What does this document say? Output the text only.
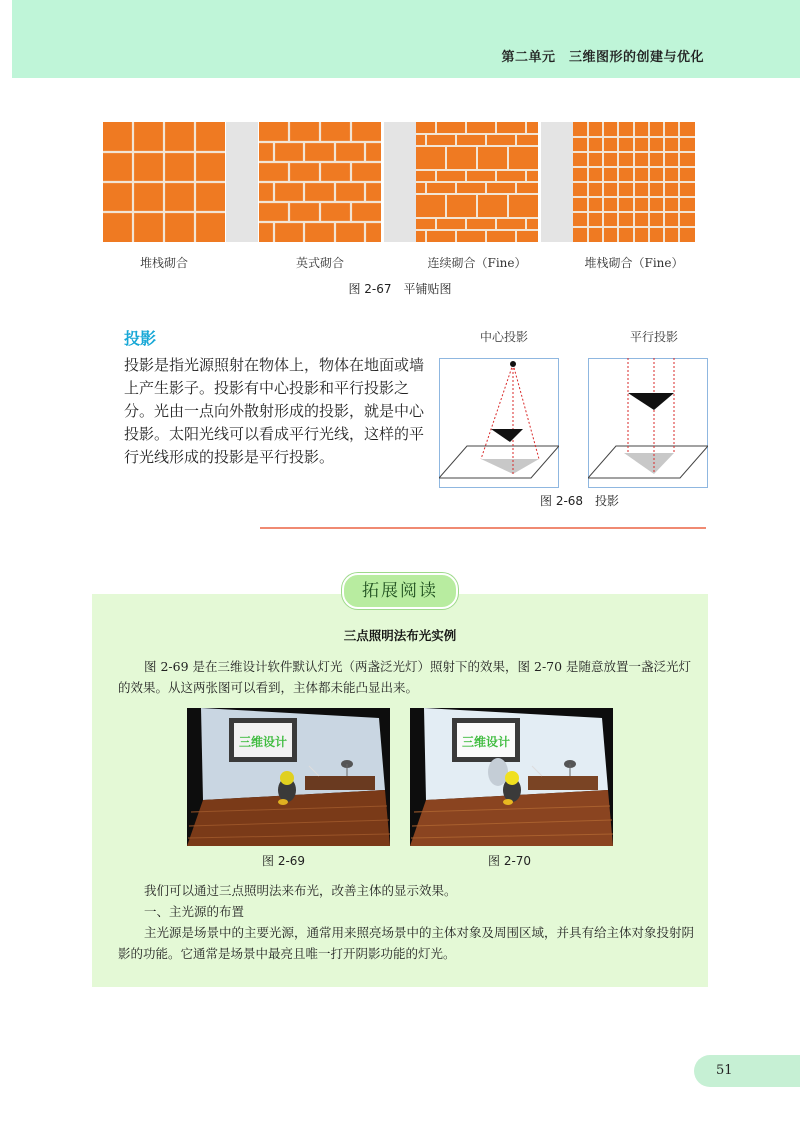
第二单元　三维图形的创建与优化
堆栈砌合	英式砌合	连续砌合（Fine）	堆栈砌合（Fine）
图 2-67　平铺贴图
投影
投影是指光源照射在物体上，物体在地面或墙上产生影子。投影有中心投影和平行投影之分。光由一点向外散射形成的投影，就是中心投影。太阳光线可以看成平行光线，这样的平行光线形成的投影是平行投影。
中心投影	平行投影
图 2-68　投影
拓展阅读
三点照明法布光实例
图 2-69 是在三维设计软件默认灯光（两盏泛光灯）照射下的效果，图 2-70 是随意放置一盏泛光灯的效果。从这两张图可以看到，主体都未能凸显出来。
三维设计	三维设计
图 2-69	图 2-70
我们可以通过三点照明法来布光，改善主体的显示效果。
一、主光源的布置
主光源是场景中的主要光源，通常用来照亮场景中的主体对象及周围区域，并具有给主体对象投射阴影的功能。它通常是场景中最亮且唯一打开阴影功能的灯光。
51
